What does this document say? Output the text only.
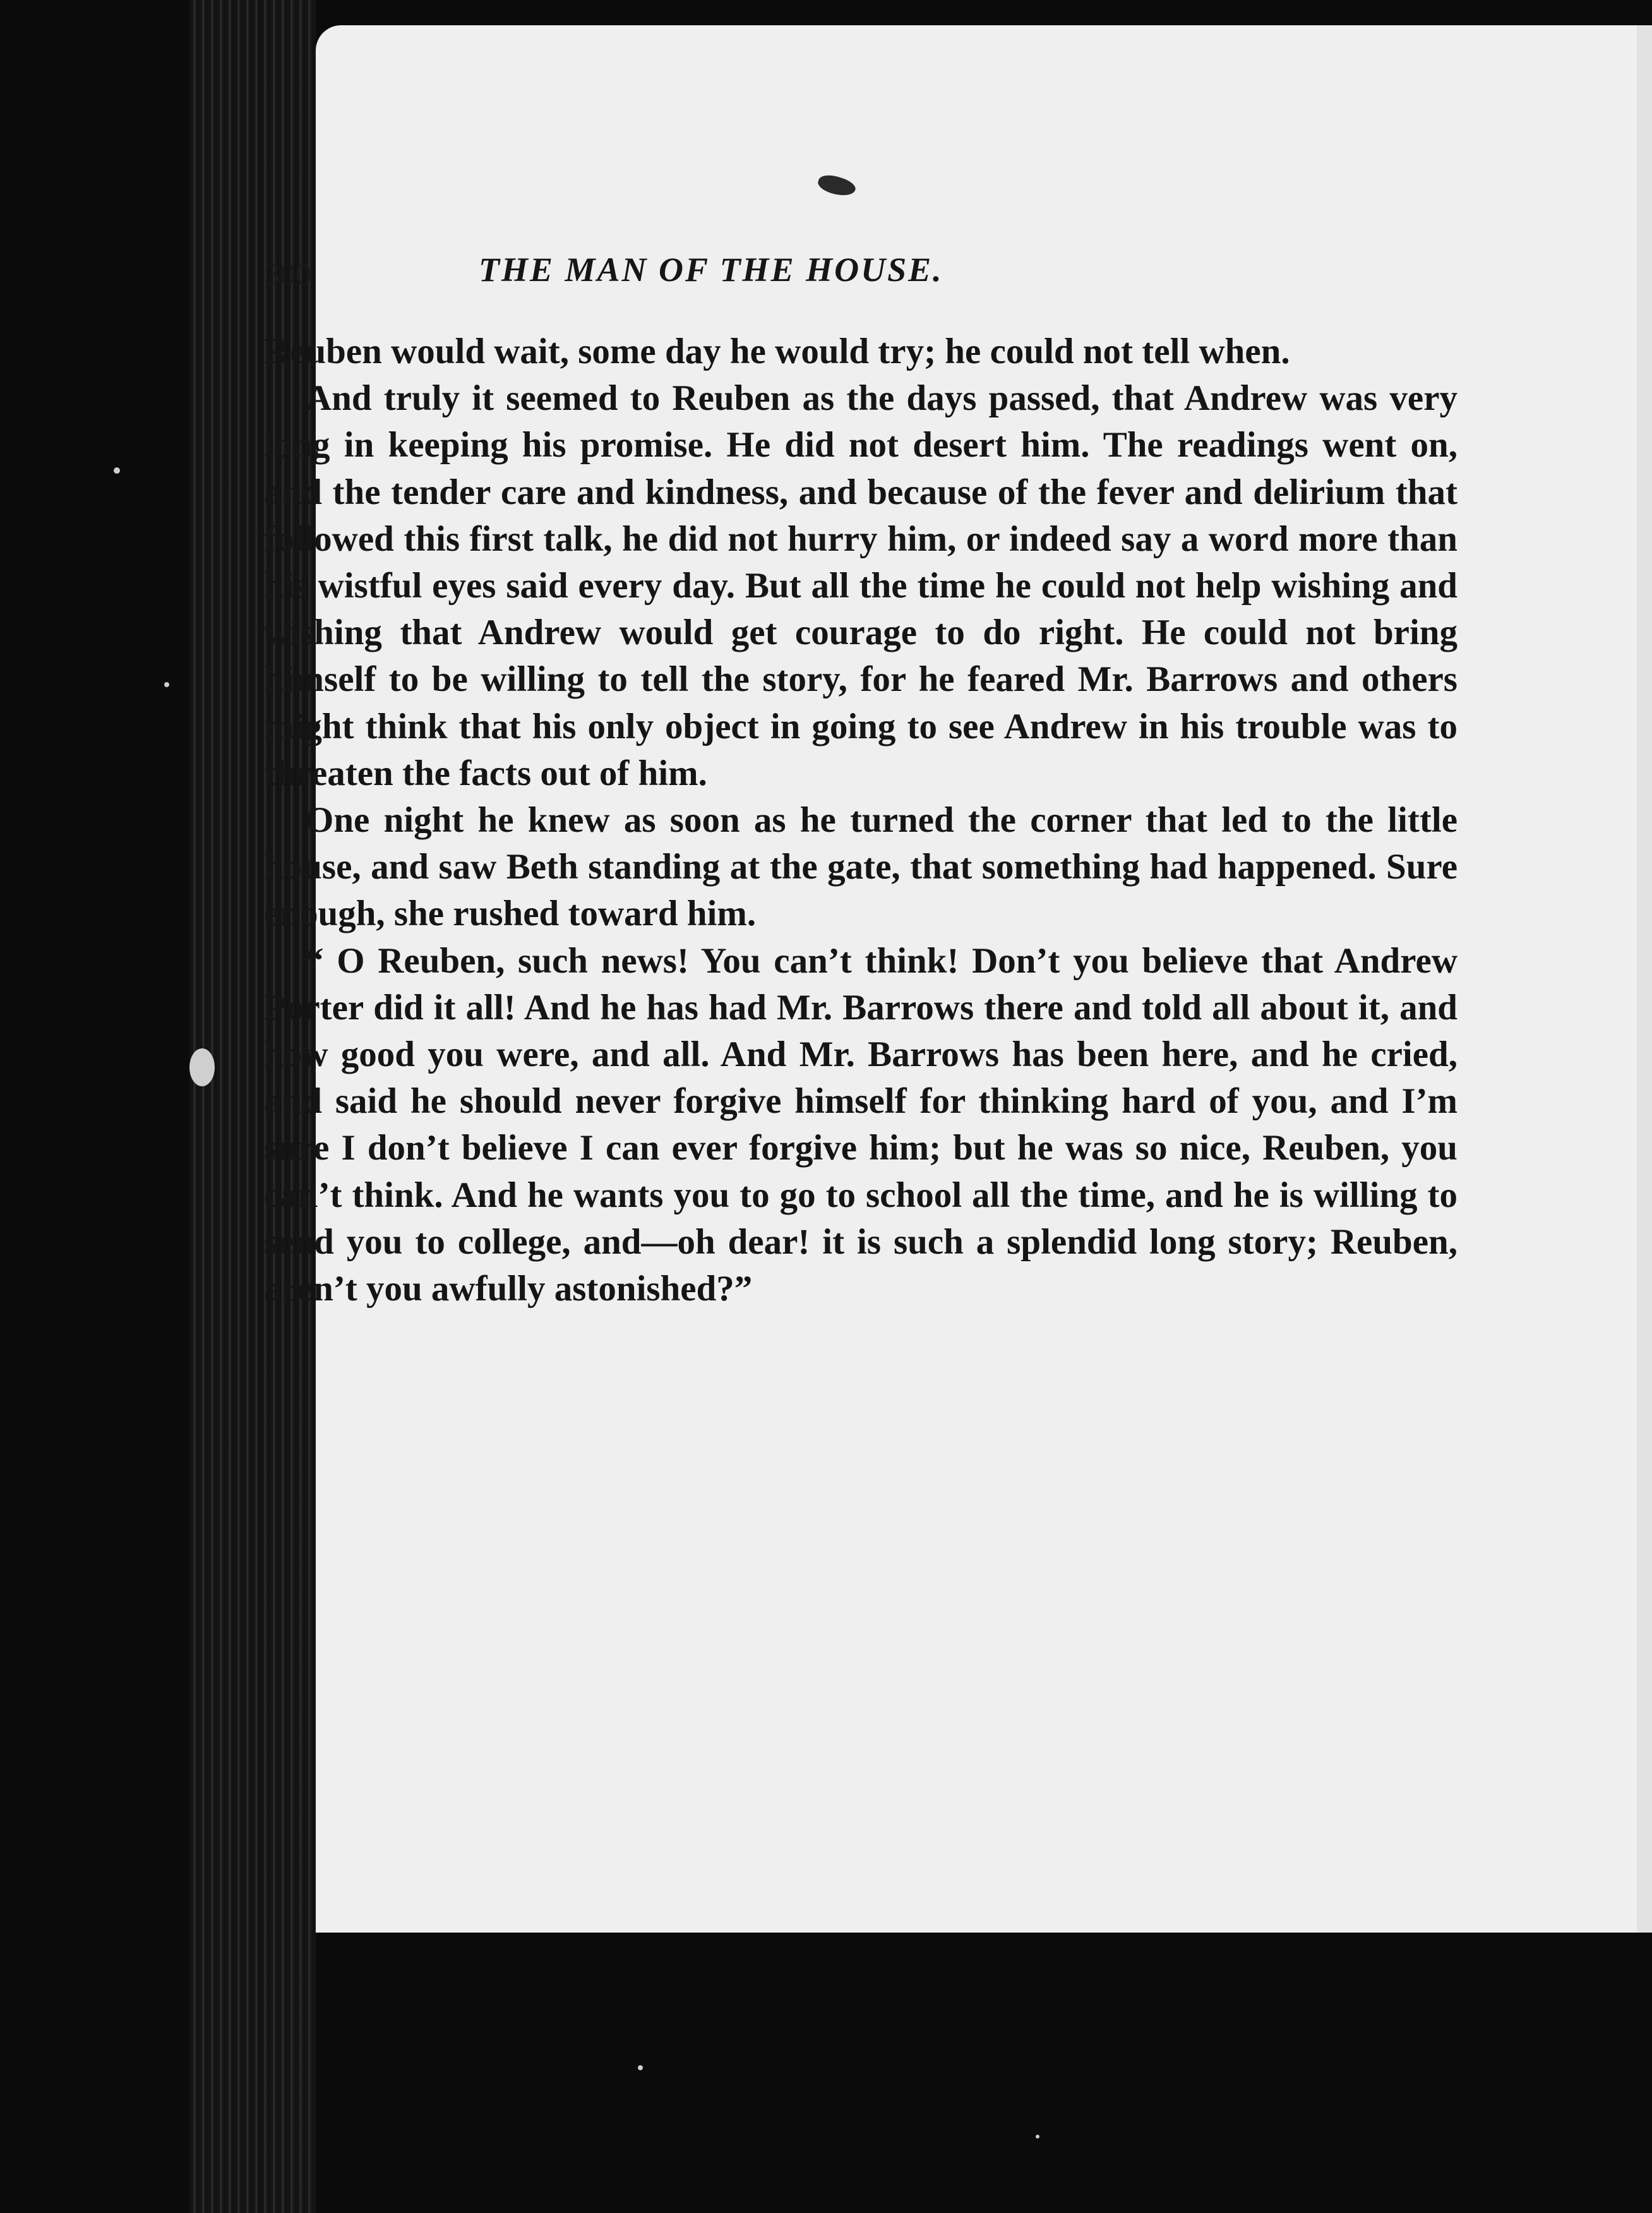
300	THE MAN OF THE HOUSE.

Reuben would wait, some day he would try; he could not tell when.

And truly it seemed to Reuben as the days passed, that Andrew was very long in keeping his promise. He did not desert him. The readings went on, and the tender care and kindness, and because of the fever and delirium that followed this first talk, he did not hurry him, or indeed say a word more than his wistful eyes said every day. But all the time he could not help wishing and wishing that Andrew would get courage to do right. He could not bring himself to be willing to tell the story, for he feared Mr. Barrows and others might think that his only object in going to see Andrew in his trouble was to threaten the facts out of him.

One night he knew as soon as he turned the corner that led to the little house, and saw Beth standing at the gate, that something had happened. Sure enough, she rushed toward him.

“ O Reuben, such news! You can’t think! Don’t you believe that Andrew Porter did it all! And he has had Mr. Barrows there and told all about it, and how good you were, and all. And Mr. Barrows has been here, and he cried, and said he should never forgive himself for thinking hard of you, and I’m sure I don’t believe I can ever forgive him; but he was so nice, Reuben, you can’t think. And he wants you to go to school all the time, and he is willing to send you to college, and—oh dear! it is such a splendid long story; Reuben, aren’t you awfully astonished?”
